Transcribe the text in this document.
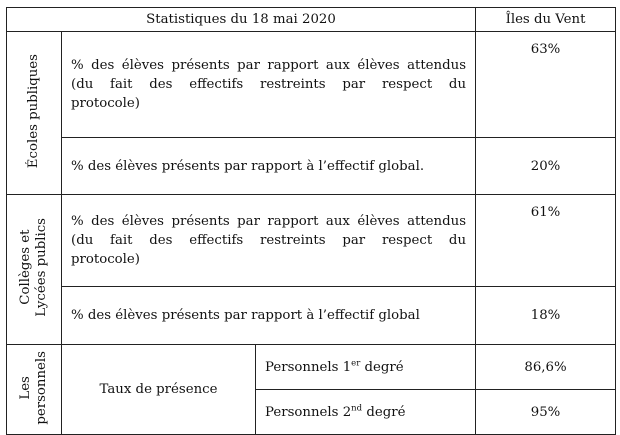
Statistiques du 18 mai 2020			Îles du Vent
Écoles publiques	% des élèves présents par rapport aux élèves attendus
(du fait des effectifs restreints par respect du
protocole)		63%
	% des élèves présents par rapport à l’effectif global.		20%
Collèges et
Lycées publics	% des élèves présents par rapport aux élèves attendus
(du fait des effectifs restreints par respect du
protocole)		61%
	% des élèves présents par rapport à l’effectif global		18%
Les
personnels	Taux de présence	Personnels 1er degré	86,6%
		Personnels 2nd degré	95%
